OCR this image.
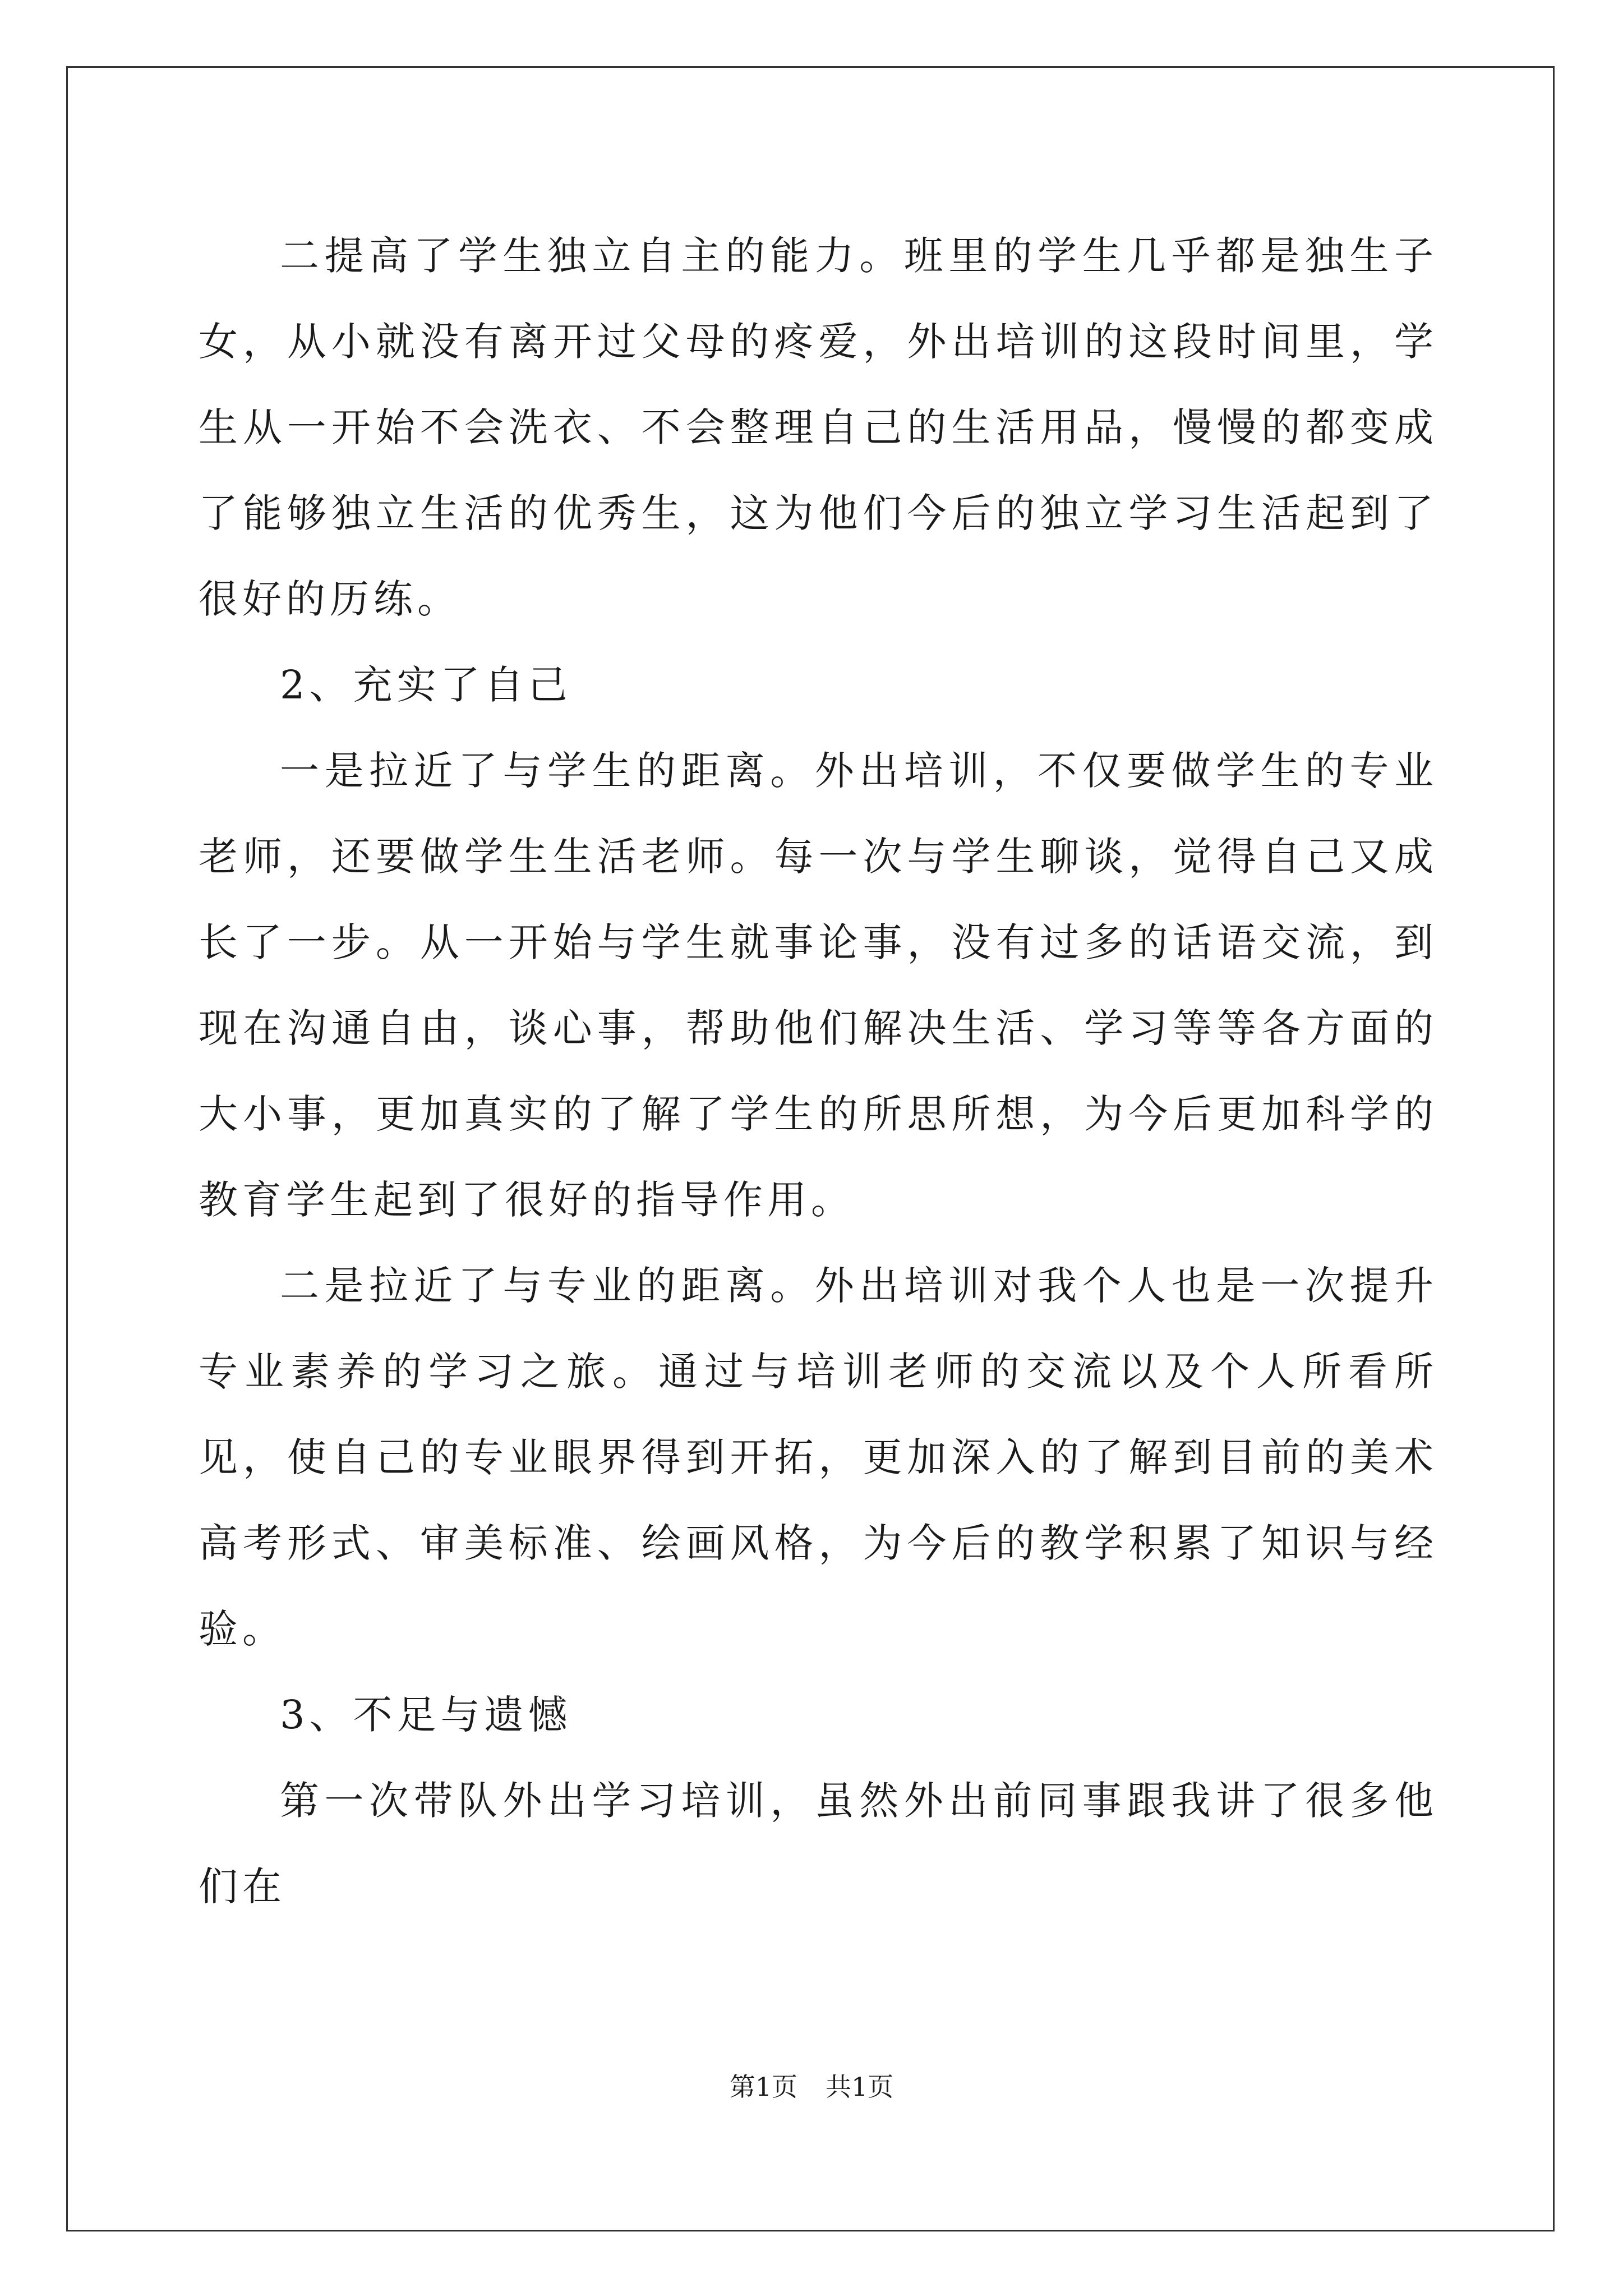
二提高了学生独立自主的能力。班里的学生几乎都是独生子女，从小就没有离开过父母的疼爱，外出培训的这段时间里，学生从一开始不会洗衣、不会整理自己的生活用品，慢慢的都变成了能够独立生活的优秀生，这为他们今后的独立学习生活起到了很好的历练。

2、充实了自己

一是拉近了与学生的距离。外出培训，不仅要做学生的专业老师，还要做学生生活老师。每一次与学生聊谈，觉得自己又成长了一步。从一开始与学生就事论事，没有过多的话语交流，到现在沟通自由，谈心事，帮助他们解决生活、学习等等各方面的大小事，更加真实的了解了学生的所思所想，为今后更加科学的教育学生起到了很好的指导作用。

二是拉近了与专业的距离。外出培训对我个人也是一次提升专业素养的学习之旅。通过与培训老师的交流以及个人所看所见，使自己的专业眼界得到开拓，更加深入的了解到目前的美术高考形式、审美标准、绘画风格，为今后的教学积累了知识与经验。

3、不足与遗憾

第一次带队外出学习培训，虽然外出前同事跟我讲了很多他们在

第1页 共1页
